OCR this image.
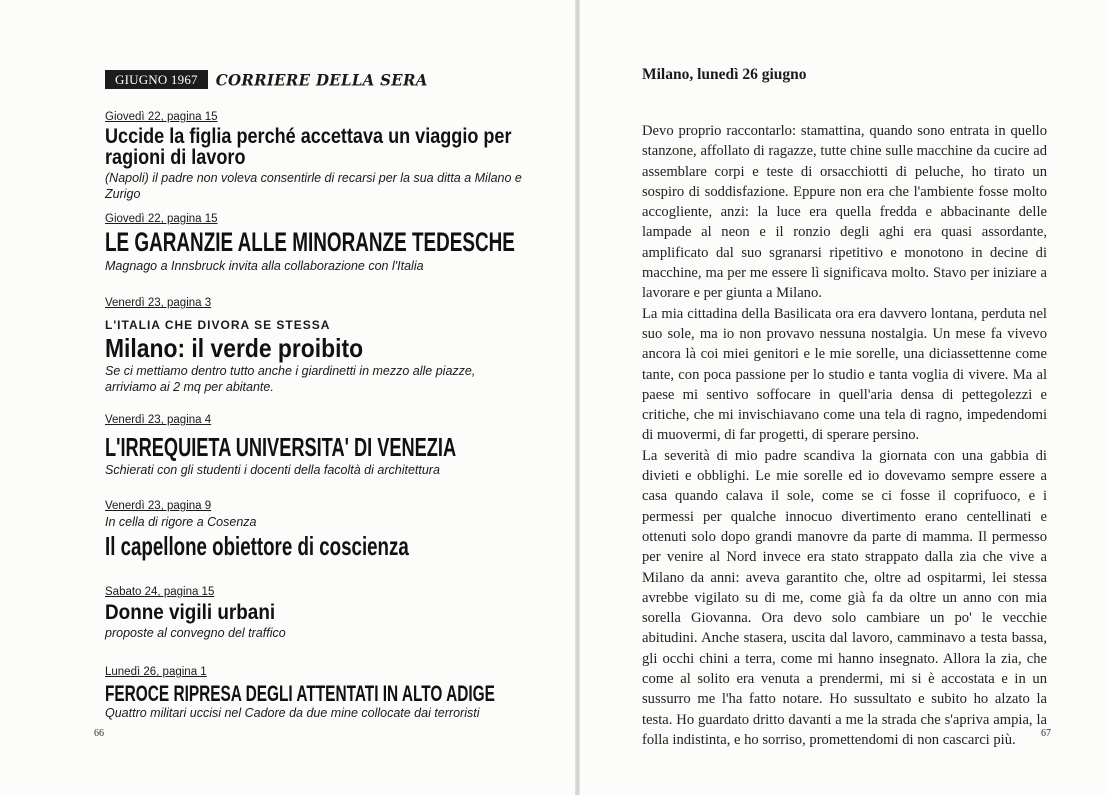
GIUGNO 1967	CORRIERE DELLA SERA

Giovedì 22, pagina 15

Uccide la figlia perché accettava un viaggio per ragioni di lavoro

(Napoli) il padre non voleva consentirle di recarsi per la sua ditta a Milano e Zurigo

Giovedì 22, pagina 15

LE GARANZIE ALLE MINORANZE TEDESCHE

Magnago a Innsbruck invita alla collaborazione con l'Italia

Venerdì 23, pagina 3

L'ITALIA CHE DIVORA SE STESSA

Milano: il verde proibito

Se ci mettiamo dentro tutto anche i giardinetti in mezzo alle piazze, arriviamo ai 2 mq per abitante.

Venerdì 23, pagina 4

L'IRREQUIETA UNIVERSITA' DI VENEZIA

Schierati con gli studenti i docenti della facoltà di architettura

Venerdì 23, pagina 9

In cella di rigore a Cosenza

Il capellone obiettore di coscienza

Sabato 24, pagina 15

Donne vigili urbani

proposte al convegno del traffico

Lunedì 26, pagina 1

FEROCE RIPRESA DEGLI ATTENTATI IN ALTO ADIGE

Quattro militari uccisi nel Cadore da due mine collocate dai terroristi

66
Milano, lunedì 26 giugno

Devo proprio raccontarlo: stamattina, quando sono entrata in quello stanzone, affollato di ragazze, tutte chine sulle macchine da cucire ad assemblare corpi e teste di orsacchiotti di peluche, ho tirato un sospiro di soddisfazione. Eppure non era che l'ambiente fosse molto accogliente, anzi: la luce era quella fredda e abbacinante delle lampade al neon e il ronzio degli aghi era quasi assordante, amplificato dal suo sgranarsi ripetitivo e monotono in decine di macchine, ma per me essere lì significava molto. Stavo per iniziare a lavorare e per giunta a Milano.

La mia cittadina della Basilicata ora era davvero lontana, perduta nel suo sole, ma io non provavo nessuna nostalgia. Un mese fa vivevo ancora là coi miei genitori e le mie sorelle, una diciassettenne come tante, con poca passione per lo studio e tanta voglia di vivere. Ma al paese mi sentivo soffocare in quell'aria densa di pettegolezzi e critiche, che mi invischiavano come una tela di ragno, impedendomi di muovermi, di far progetti, di sperare persino.

La severità di mio padre scandiva la giornata con una gabbia di divieti e obblighi. Le mie sorelle ed io dovevamo sempre essere a casa quando calava il sole, come se ci fosse il coprifuoco, e i permessi per qualche innocuo divertimento erano centellinati e ottenuti solo dopo grandi manovre da parte di mamma. Il permesso per venire al Nord invece era stato strappato dalla zia che vive a Milano da anni: aveva garantito che, oltre ad ospitarmi, lei stessa avrebbe vigilato su di me, come già fa da oltre un anno con mia sorella Giovanna. Ora devo solo cambiare un po' le vecchie abitudini. Anche stasera, uscita dal lavoro, camminavo a testa bassa, gli occhi chini a terra, come mi hanno insegnato. Allora la zia, che come al solito era venuta a prendermi, mi si è accostata e in un sussurro me l'ha fatto notare. Ho sussultato e subito ho alzato la testa. Ho guardato dritto davanti a me la strada che s'apriva ampia, la folla indistinta, e ho sorriso, promettendomi di non cascarci più.	67
